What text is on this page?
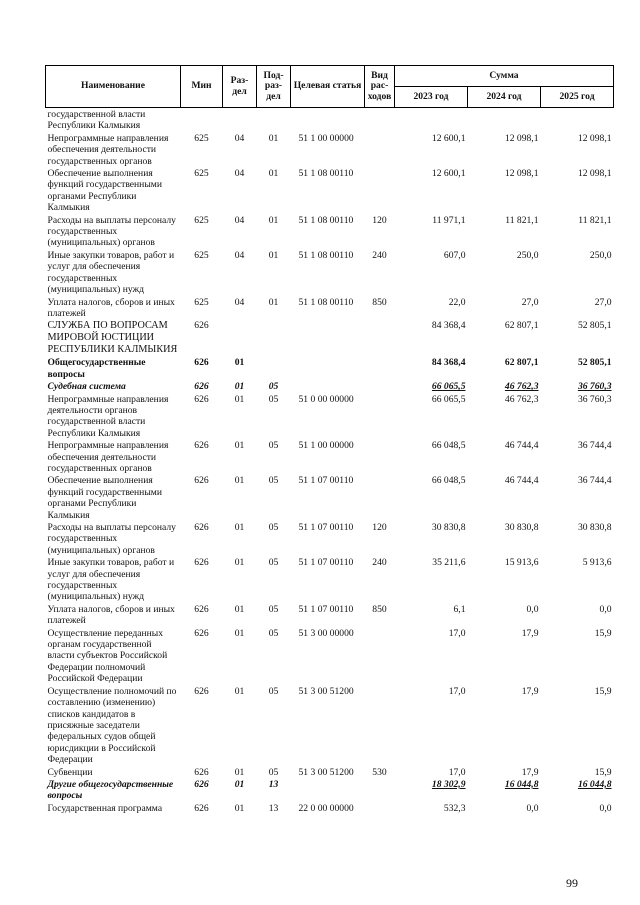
Наименование	Мин	Раз-дел	Под-раз-дел	Целевая статья	Вид рас-ходов	Сумма		
						2023 год	2024 год	2025 год
государственной власти Республики Калмыкия								
Непрограммные направления обеспечения деятельности государственных органов	625	04	01	51 1 00 00000		12 600,1	12 098,1	12 098,1
Обеспечение выполнения функций государственными органами Республики Калмыкия	625	04	01	51 1 08 00110		12 600,1	12 098,1	12 098,1
Расходы на выплаты персоналу государственных (муниципальных) органов	625	04	01	51 1 08 00110	120	11 971,1	11 821,1	11 821,1
Иные закупки товаров, работ и услуг для обеспечения государственных (муниципальных) нужд	625	04	01	51 1 08 00110	240	607,0	250,0	250,0
Уплата налогов, сборов и иных платежей	625	04	01	51 1 08 00110	850	22,0	27,0	27,0
СЛУЖБА ПО ВОПРОСАМ МИРОВОЙ ЮСТИЦИИ РЕСПУБЛИКИ КАЛМЫКИЯ	626					84 368,4	62 807,1	52 805,1
Общегосударственные вопросы	626	01				84 368,4	62 807,1	52 805,1
Судебная система	626	01	05			66 065,5	46 762,3	36 760,3
Непрограммные направления деятельности органов государственной власти Республики Калмыкия	626	01	05	51 0 00 00000		66 065,5	46 762,3	36 760,3
Непрограммные направления обеспечения деятельности государственных органов	626	01	05	51 1 00 00000		66 048,5	46 744,4	36 744,4
Обеспечение выполнения функций государственными органами Республики Калмыкия	626	01	05	51 1 07 00110		66 048,5	46 744,4	36 744,4
Расходы на выплаты персоналу государственных (муниципальных) органов	626	01	05	51 1 07 00110	120	30 830,8	30 830,8	30 830,8
Иные закупки товаров, работ и услуг для обеспечения государственных (муниципальных) нужд	626	01	05	51 1 07 00110	240	35 211,6	15 913,6	5 913,6
Уплата налогов, сборов и иных платежей	626	01	05	51 1 07 00110	850	6,1	0,0	0,0
Осуществление переданных органам государственной власти субъектов Российской Федерации полномочий Российской Федерации	626	01	05	51 3 00 00000		17,0	17,9	15,9
Осуществление полномочий по составлению (изменению) списков кандидатов в присяжные заседатели федеральных судов общей юрисдикции в Российской Федерации	626	01	05	51 3 00 51200		17,0	17,9	15,9
Субвенции	626	01	05	51 3 00 51200	530	17,0	17,9	15,9
Другие общегосударственные вопросы	626	01	13			18 302,9	16 044,8	16 044,8
Государственная программа	626	01	13	22 0 00 00000		532,3	0,0	0,0
99
